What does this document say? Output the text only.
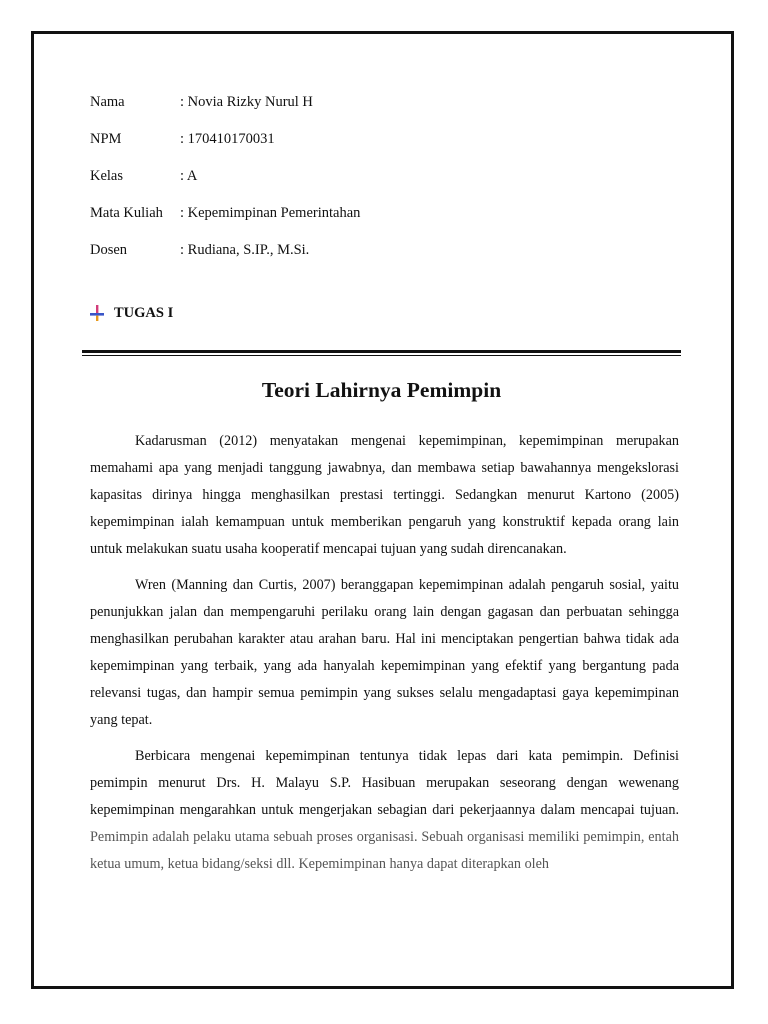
Nama	: Novia Rizky Nurul H
NPM	: 170410170031
Kelas	: A
Mata Kuliah	: Kepemimpinan Pemerintahan
Dosen	: Rudiana, S.IP., M.Si.
TUGAS I
Teori Lahirnya Pemimpin

Kadarusman (2012) menyatakan mengenai kepemimpinan, kepemimpinan merupakan memahami apa yang menjadi tanggung jawabnya, dan membawa setiap bawahannya mengekslorasi kapasitas dirinya hingga menghasilkan prestasi tertinggi. Sedangkan menurut Kartono (2005) kepemimpinan ialah kemampuan untuk memberikan pengaruh yang konstruktif kepada orang lain untuk melakukan suatu usaha kooperatif mencapai tujuan yang sudah direncanakan.

Wren (Manning dan Curtis, 2007) beranggapan kepemimpinan adalah pengaruh sosial, yaitu penunjukkan jalan dan mempengaruhi perilaku orang lain dengan gagasan dan perbuatan sehingga menghasilkan perubahan karakter atau arahan baru. Hal ini menciptakan pengertian bahwa tidak ada kepemimpinan yang terbaik, yang ada hanyalah kepemimpinan yang efektif yang bergantung pada relevansi tugas, dan hampir semua pemimpin yang sukses selalu mengadaptasi gaya kepemimpinan yang tepat.

Berbicara mengenai kepemimpinan tentunya tidak lepas dari kata pemimpin. Definisi pemimpin menurut Drs. H. Malayu S.P. Hasibuan merupakan seseorang dengan wewenang kepemimpinan mengarahkan untuk mengerjakan sebagian dari pekerjaannya dalam mencapai tujuan. Pemimpin adalah pelaku utama sebuah proses organisasi. Sebuah organisasi memiliki pemimpin, entah ketua umum, ketua bidang/seksi dll. Kepemimpinan hanya dapat diterapkan oleh
